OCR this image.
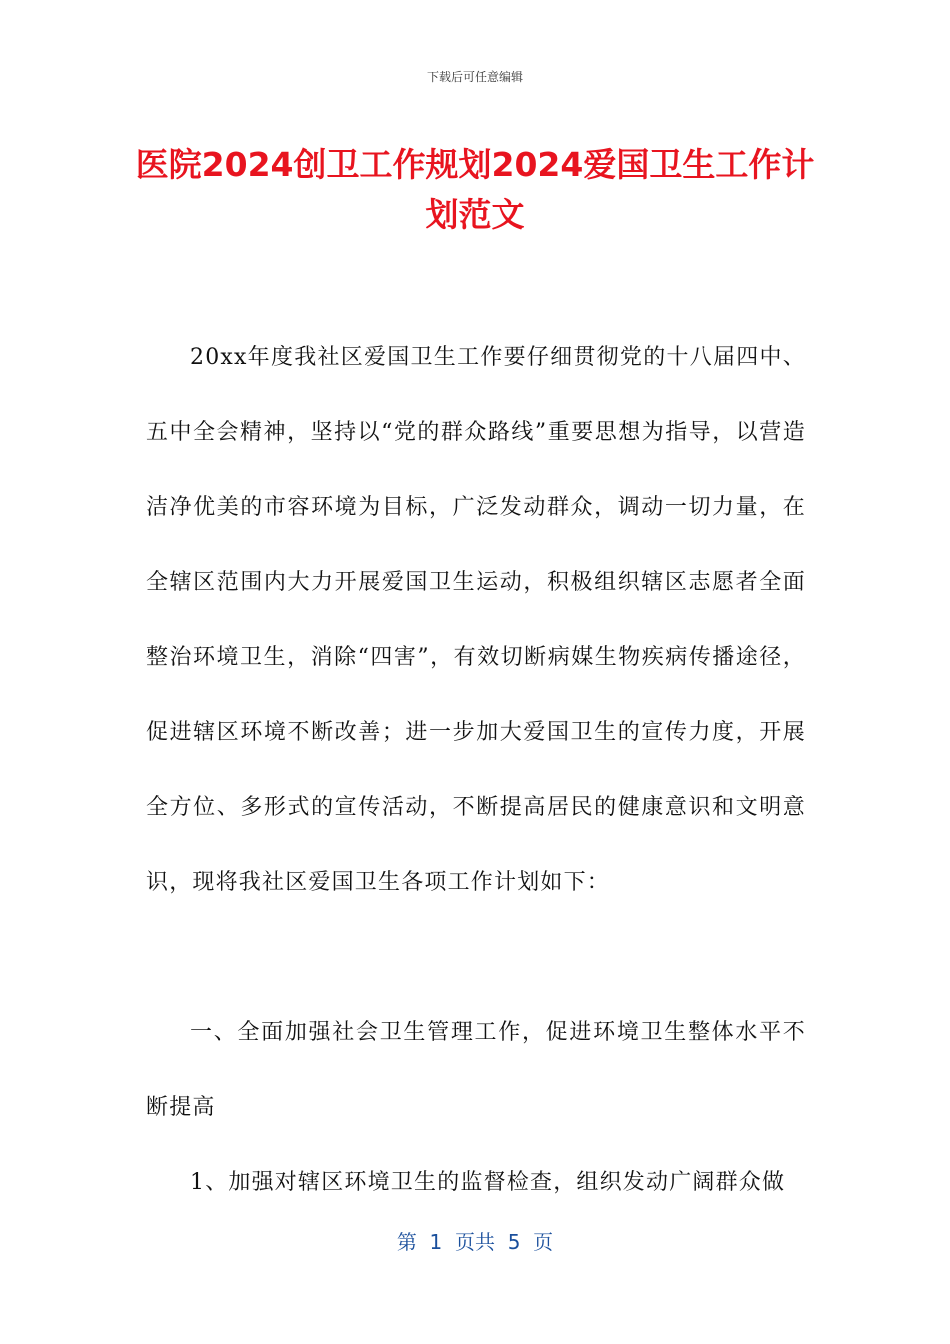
下载后可任意编辑
医院2024创卫工作规划2024爱国卫生工作计划范文

20xx年度我社区爱国卫生工作要仔细贯彻党的十八届四中、五中全会精神，坚持以“党的群众路线”重要思想为指导，以营造洁净优美的市容环境为目标，广泛发动群众，调动一切力量，在全辖区范围内大力开展爱国卫生运动，积极组织辖区志愿者全面整治环境卫生，消除“四害”，有效切断病媒生物疾病传播途径，促进辖区环境不断改善；进一步加大爱国卫生的宣传力度，开展全方位、多形式的宣传活动，不断提高居民的健康意识和文明意识，现将我社区爱国卫生各项工作计划如下：

一、全面加强社会卫生管理工作，促进环境卫生整体水平不断提高

1、加强对辖区环境卫生的监督检查，组织发动广阔群众做

第  1  页共  5  页
